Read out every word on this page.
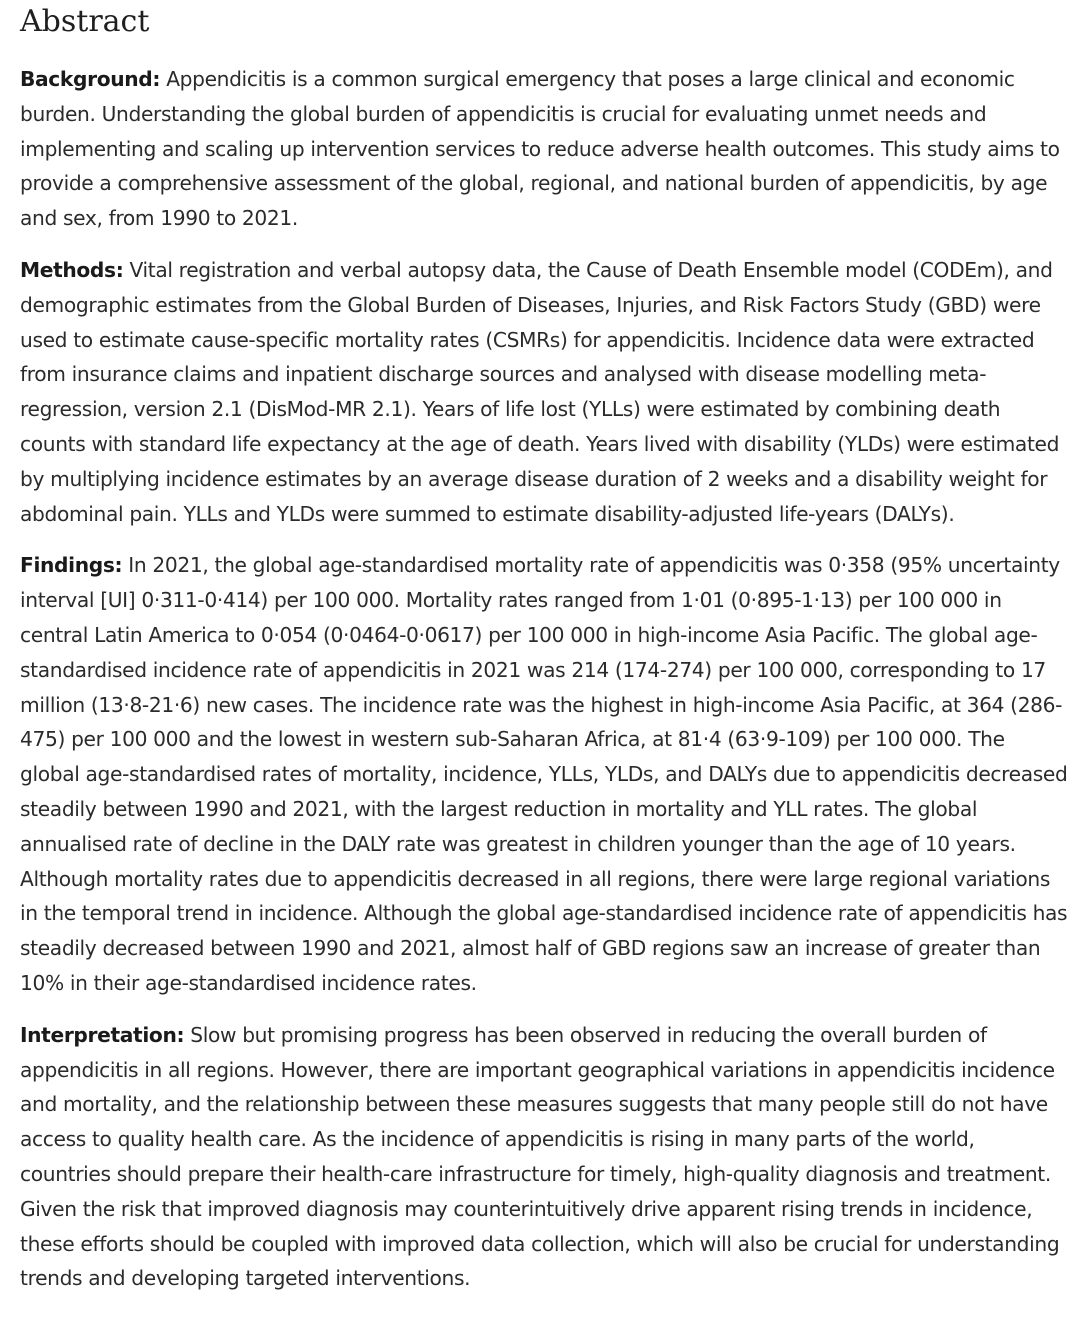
Abstract

Background: Appendicitis is a common surgical emergency that poses a large clinical and economic burden. Understanding the global burden of appendicitis is crucial for evaluating unmet needs and implementing and scaling up intervention services to reduce adverse health outcomes. This study aims to provide a comprehensive assessment of the global, regional, and national burden of appendicitis, by age and sex, from 1990 to 2021.

Methods: Vital registration and verbal autopsy data, the Cause of Death Ensemble model (CODEm), and demographic estimates from the Global Burden of Diseases, Injuries, and Risk Factors Study (GBD) were used to estimate cause-specific mortality rates (CSMRs) for appendicitis. Incidence data were extracted from insurance claims and inpatient discharge sources and analysed with disease modelling meta-regression, version 2.1 (DisMod-MR 2.1). Years of life lost (YLLs) were estimated by combining death counts with standard life expectancy at the age of death. Years lived with disability (YLDs) were estimated by multiplying incidence estimates by an average disease duration of 2 weeks and a disability weight for abdominal pain. YLLs and YLDs were summed to estimate disability-adjusted life-years (DALYs).

Findings: In 2021, the global age-standardised mortality rate of appendicitis was 0·358 (95% uncertainty interval [UI] 0·311-0·414) per 100 000. Mortality rates ranged from 1·01 (0·895-1·13) per 100 000 in central Latin America to 0·054 (0·0464-0·0617) per 100 000 in high-income Asia Pacific. The global age-standardised incidence rate of appendicitis in 2021 was 214 (174-274) per 100 000, corresponding to 17 million (13·8-21·6) new cases. The incidence rate was the highest in high-income Asia Pacific, at 364 (286-475) per 100 000 and the lowest in western sub-Saharan Africa, at 81·4 (63·9-109) per 100 000. The global age-standardised rates of mortality, incidence, YLLs, YLDs, and DALYs due to appendicitis decreased steadily between 1990 and 2021, with the largest reduction in mortality and YLL rates. The global annualised rate of decline in the DALY rate was greatest in children younger than the age of 10 years. Although mortality rates due to appendicitis decreased in all regions, there were large regional variations in the temporal trend in incidence. Although the global age-standardised incidence rate of appendicitis has steadily decreased between 1990 and 2021, almost half of GBD regions saw an increase of greater than 10% in their age-standardised incidence rates.

Interpretation: Slow but promising progress has been observed in reducing the overall burden of appendicitis in all regions. However, there are important geographical variations in appendicitis incidence and mortality, and the relationship between these measures suggests that many people still do not have access to quality health care. As the incidence of appendicitis is rising in many parts of the world, countries should prepare their health-care infrastructure for timely, high-quality diagnosis and treatment. Given the risk that improved diagnosis may counterintuitively drive apparent rising trends in incidence, these efforts should be coupled with improved data collection, which will also be crucial for understanding trends and developing targeted interventions.
